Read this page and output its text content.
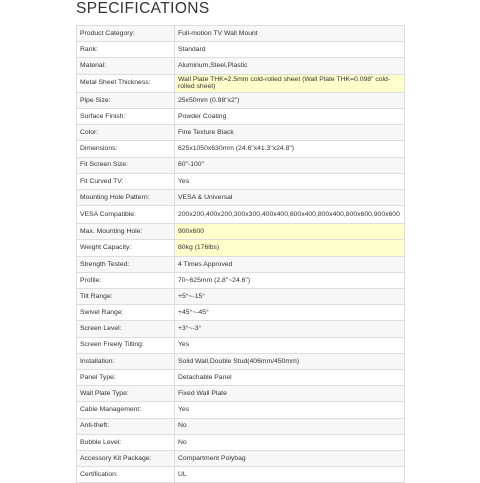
SPECIFICATIONS
Product Category:	Full-motion TV Wall Mount
Rank:	Standard
Material:	Aluminum,Steel,Plastic
Metal Sheet Thickness:	Wall Plate THK=2.5mm cold-rolled sheet (Wall Plate THK=0.098" cold-rolled sheet)
Pipe Size:	25x50mm (0.98"x2")
Surface Finish:	Powder Coating
Color:	Fine Texture Black
Dimensions:	625x1050x630mm (24.6"x41.3"x24.8")
Fit Screen Size:	60"-100"
Fit Curved TV:	Yes
Mounting Hole Pattern:	VESA & Universal
VESA Compatible:	200x200,400x200,300x300,400x400,600x400,800x400,800x600,900x600
Max. Mounting Hole:	900x600
Weight Capacity:	80kg (176lbs)
Strength Tested:	4 Times Approved
Profile:	70~625mm (2.8"~24.6")
Tilt Range:	+5°~-15°
Swivel Range:	+45°~-45°
Screen Level:	+3°~-3°
Screen Freely Tilting:	Yes
Installation:	Solid Wall,Double Stud(406mm/450mm)
Panel Type:	Detachable Panel
Wall Plate Type:	Fixed Wall Plate
Cable Management:	Yes
Anti-theft:	No
Bubble Level:	No
Accessory Kit Package:	Compartment Polybag
Certification:	UL
